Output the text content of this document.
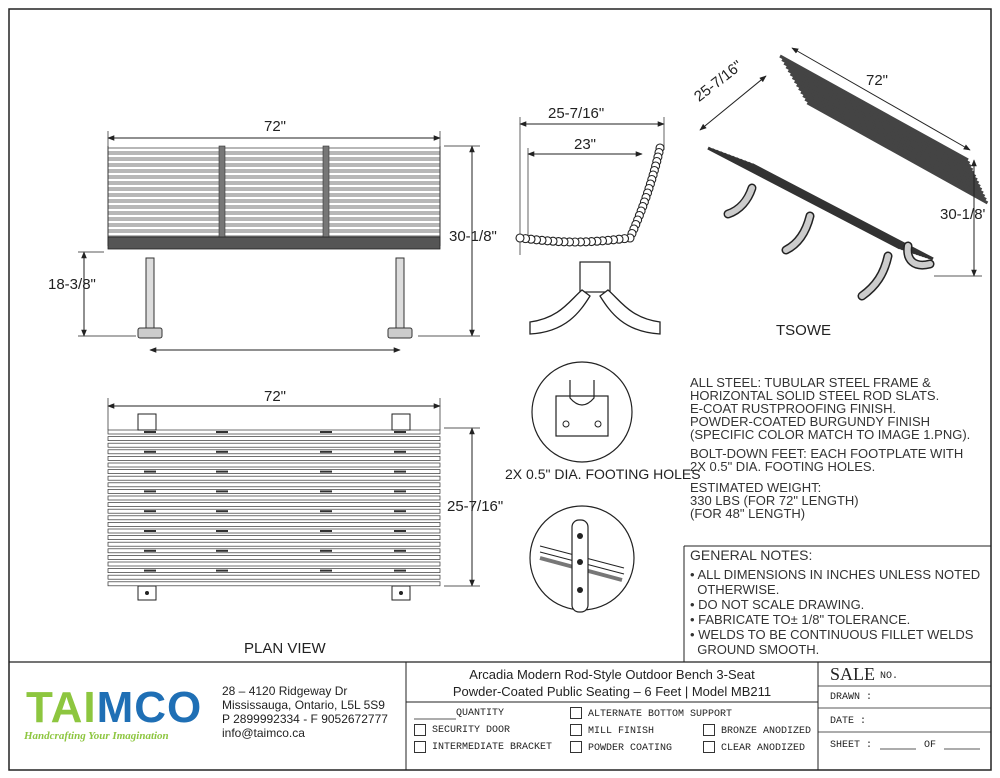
TAIMCO
72"
30-1/8"
18-3/8"
25-7/16"
23"
72"
25-7/16"
30-1/8'
TSOWE
72"
25-7/16"
PLAN VIEW
2X 0.5" DIA. FOOTING HOLES
ALL STEEL: TUBULAR STEEL FRAME &
HORIZONTAL SOLID STEEL ROD SLATS.
E-COAT RUSTPROOFING FINISH.
POWDER-COATED BURGUNDY FINISH
(SPECIFIC COLOR MATCH TO IMAGE 1.PNG).
BOLT-DOWN FEET: EACH FOOTPLATE WITH
2X 0.5" DIA. FOOTING HOLES.
ESTIMATED WEIGHT:
330 LBS (FOR 72" LENGTH)
(FOR 48" LENGTH)
GENERAL NOTES:
• ALL DIMENSIONS IN INCHES UNLESS NOTED
OTHERWISE.
• DO NOT SCALE DRAWING.
• FABRICATE TO± 1/8" TOLERANCE.
• WELDS TO BE CONTINUOUS FILLET WELDS
GROUND SMOOTH.
Handcrafting Your Imagination
28 – 4120 Ridgeway Dr
Mississauga, Ontario, L5L 5S9
P 2899992334 - F 9052672777
info@taimco.ca
Arcadia Modern Rod-Style Outdoor Bench 3-Seat
Powder-Coated Public Seating – 6 Feet | Model MB211
QUANTITY
SECURITY DOOR
INTERMEDIATE BRACKET
ALTERNATE BOTTOM SUPPORT
MILL FINISH
POWDER COATING
BRONZE ANODIZED
CLEAR ANODIZED
SALE NO.
DRAWN :
DATE :
SHEET :	OF
